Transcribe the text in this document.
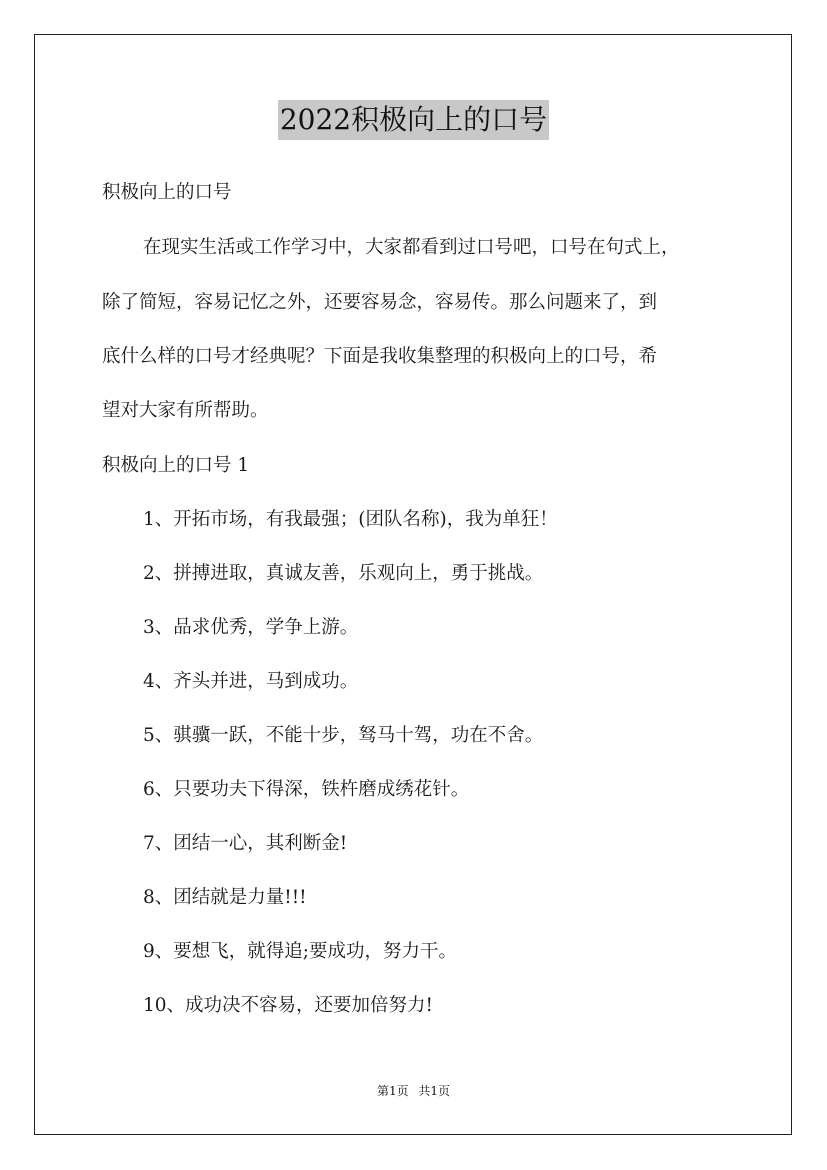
2022积极向上的口号
积极向上的口号
在现实生活或工作学习中，大家都看到过口号吧，口号在句式上，
除了简短，容易记忆之外，还要容易念，容易传。那么问题来了，到
底什么样的口号才经典呢？下面是我收集整理的积极向上的口号，希
望对大家有所帮助。
积极向上的口号 1
1、开拓市场，有我最强；(团队名称)，我为单狂！
2、拼搏进取，真诚友善，乐观向上，勇于挑战。
3、品求优秀，学争上游。
4、齐头并进，马到成功。
5、骐骥一跃，不能十步，驽马十驾，功在不舍。
6、只要功夫下得深，铁杵磨成绣花针。
7、团结一心，其利断金!
8、团结就是力量!!!
9、要想飞，就得追;要成功，努力干。
10、成功决不容易，还要加倍努力!
第1页 共1页
